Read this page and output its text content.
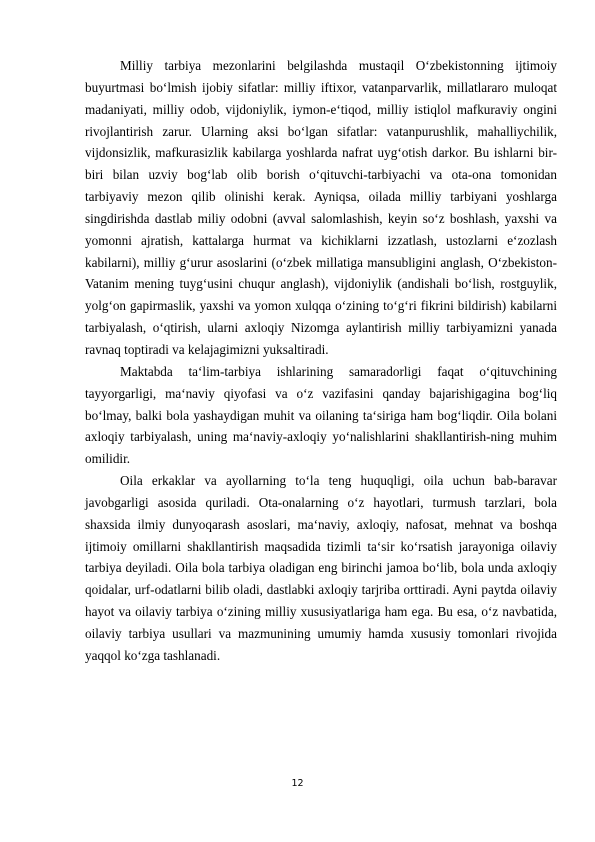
Milliy tarbiya mezonlarini belgilashda mustaqil O‘zbekistonning ijtimoiy buyurtmasi bo‘lmish ijobiy sifatlar: milliy iftixor, vatanparvarlik, millatlararo muloqat madaniyati, milliy odob, vijdoniylik, iymon-e‘tiqod, milliy istiqlol mafkuraviy ongini rivojlantirish zarur. Ularning aksi bo‘lgan sifatlar: vatanpurushlik, mahalliychilik, vijdonsizlik, mafkurasizlik kabilarga yoshlarda nafrat uyg‘otish darkor. Bu ishlarni bir-biri bilan uzviy bog‘lab olib borish o‘qituvchi-tarbiyachi va ota-ona tomonidan tarbiyaviy mezon qilib olinishi kerak. Ayniqsa, oilada milliy tarbiyani yoshlarga singdirishda dastlab miliy odobni (avval salomlashish, keyin so‘z boshlash, yaxshi va yomonni ajratish, kattalarga hurmat va kichiklarni izzatlash, ustozlarni e‘zozlash kabilarni), milliy g‘urur asoslarini (o‘zbek millatiga mansubligini anglash, O‘zbekiston-Vatanim mening tuyg‘usini chuqur anglash), vijdoniylik (andishali bo‘lish, rostguylik, yolg‘on gapirmaslik, yaxshi va yomon xulqqa o‘zining to‘g‘ri fikrini bildirish) kabilarni tarbiyalash, o‘qtirish, ularni axloqiy Nizomga aylantirish milliy tarbiyamizni yanada ravnaq toptiradi va kelajagimizni yuksaltiradi.

Maktabda ta‘lim-tarbiya ishlarining samaradorligi faqat o‘qituvchining tayyorgarligi, ma‘naviy qiyofasi va o‘z vazifasini qanday bajarishigagina bog‘liq bo‘lmay, balki bola yashaydigan muhit va oilaning ta‘siriga ham bog‘liqdir. Oila bolani axloqiy tarbiyalash, uning ma‘naviy-axloqiy yo‘nalishlarini shakllantirish-ning muhim omilidir.

Oila erkaklar va ayollarning to‘la teng huquqligi, oila uchun bab-baravar javobgarligi asosida quriladi. Ota-onalarning o‘z hayotlari, turmush tarzlari, bola shaxsida ilmiy dunyoqarash asoslari, ma‘naviy, axloqiy, nafosat, mehnat va boshqa ijtimoiy omillarni shakllantirish maqsadida tizimli ta‘sir ko‘rsatish jarayoniga oilaviy tarbiya deyiladi. Oila bola tarbiya oladigan eng birinchi jamoa bo‘lib, bola unda axloqiy qoidalar, urf-odatlarni bilib oladi, dastlabki axloqiy tarjriba orttiradi. Ayni paytda oilaviy hayot va oilaviy tarbiya o‘zining milliy xususiyatlariga ham ega. Bu esa, o‘z navbatida, oilaviy tarbiya usullari va mazmunining umumiy hamda xususiy tomonlari rivojida yaqqol ko‘zga tashlanadi.

12
